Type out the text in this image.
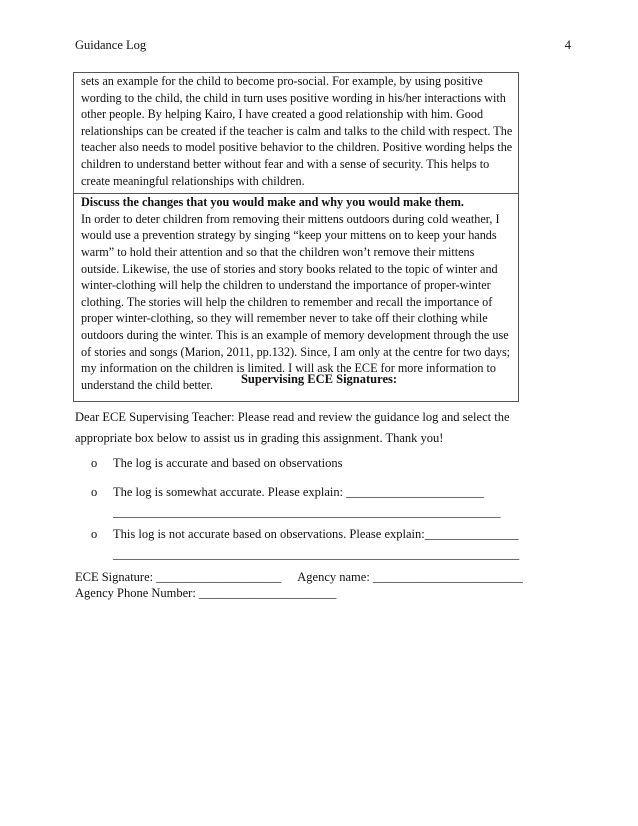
Guidance Log	4
sets an example for the child to become pro-social. For example, by using positive wording to the child, the child in turn uses positive wording in his/her interactions with other people. By helping Kairo, I have created a good relationship with him. Good relationships can be created if the teacher is calm and talks to the child with respect. The teacher also needs to model positive behavior to the children. Positive wording helps the children to understand better without fear and with a sense of security. This helps to create meaningful relationships with children.
Discuss the changes that you would make and why you would make them.
In order to deter children from removing their mittens outdoors during cold weather, I would use a prevention strategy by singing “keep your mittens on to keep your hands warm” to hold their attention and so that the children won’t remove their mittens outside. Likewise, the use of stories and story books related to the topic of winter and winter-clothing will help the children to understand the importance of proper-winter clothing. The stories will help the children to remember and recall the importance of proper winter-clothing, so they will remember never to take off their clothing while outdoors during the winter. This is an example of memory development through the use of stories and songs (Marion, 2011, pp.132). Since, I am only at the centre for two days; my information on the children is limited. I will ask the ECE for more information to understand the child better.	Supervising ECE Signatures:
Dear ECE Supervising Teacher: Please read and review the guidance log and select the appropriate box below to assist us in grading this assignment. Thank you!
o The log is accurate and based on observations
o The log is somewhat accurate. Please explain: ______________________
______________________________________________________________
o This log is not accurate based on observations. Please explain:_______________
_________________________________________________________________
ECE Signature: ____________________ Agency name: ________________________
Agency Phone Number: ______________________
